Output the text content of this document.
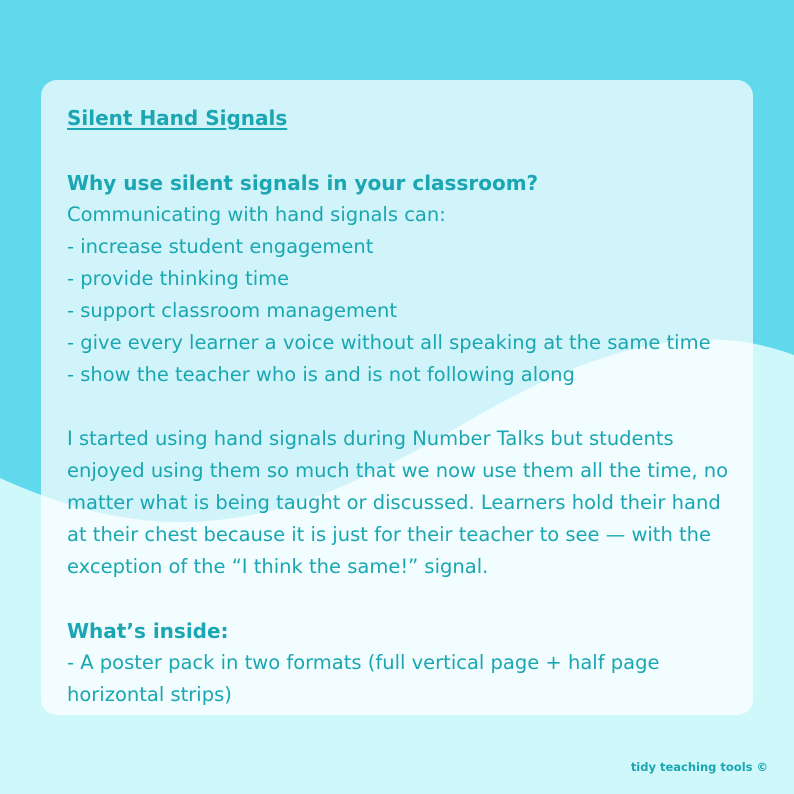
Silent Hand Signals

Why use silent signals in your classroom?

Communicating with hand signals can:

- increase student engagement

- provide thinking time

- support classroom management

- give every learner a voice without all speaking at the same time

- show the teacher who is and is not following along

I started using hand signals during Number Talks but students enjoyed using them so much that we now use them all the time, no matter what is being taught or discussed. Learners hold their hand at their chest because it is just for their teacher to see — with the exception of the “I think the same!” signal.

What’s inside:

- A poster pack in two formats (full vertical page + half page horizontal strips)

tidy teaching tools ©
